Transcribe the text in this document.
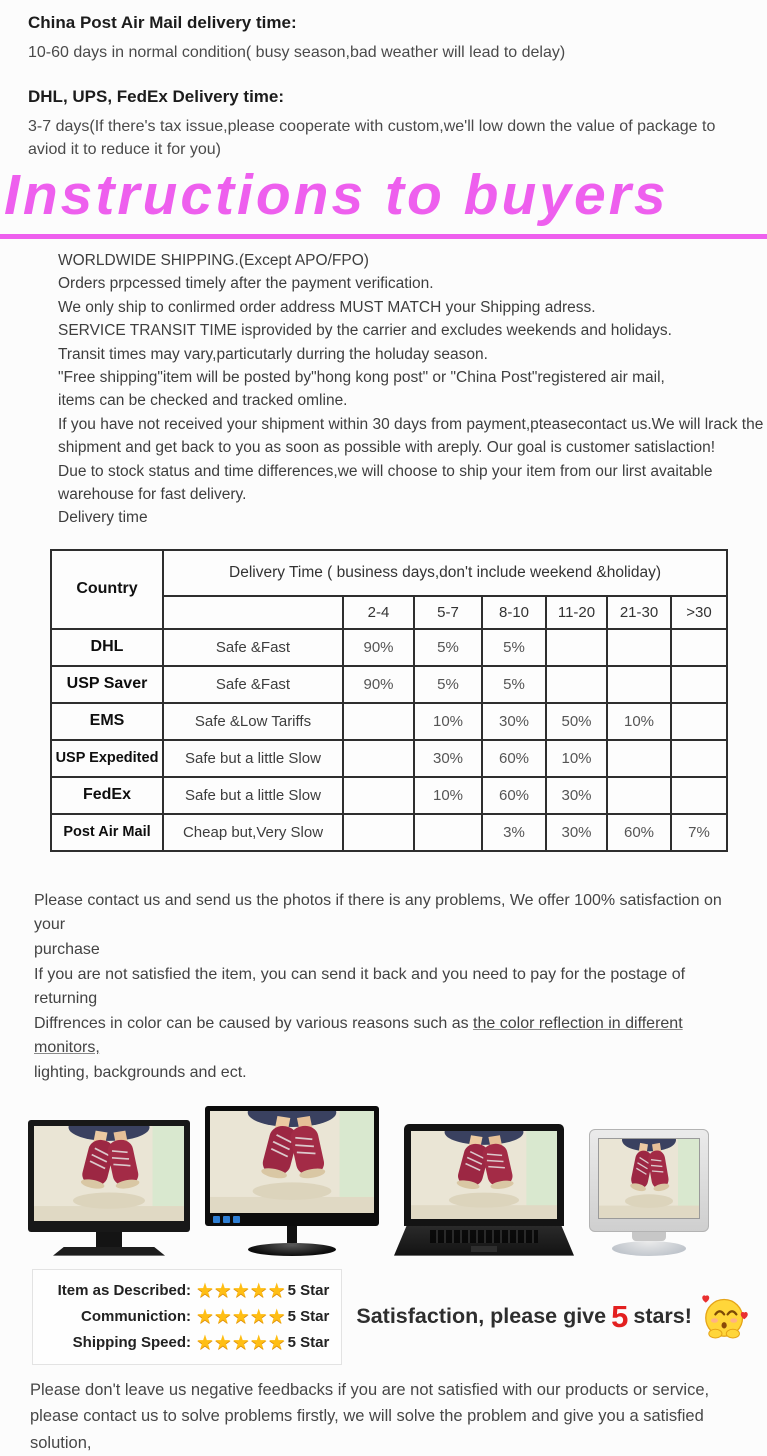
China Post Air Mail delivery time:
10-60 days in normal condition( busy season,bad weather will lead to delay)
DHL, UPS, FedEx Delivery time:
3-7 days(If there's tax issue,please cooperate with custom,we'll low down the value of package to aviod it to reduce it for you)
Instructions to buyers
WORLDWIDE SHIPPING.(Except APO/FPO)
Orders prpcessed timely after the payment verification.
We only ship to conlirmed order address MUST MATCH your Shipping adress.
SERVICE TRANSIT TIME isprovided by the carrier and excludes weekends and holidays.
Transit times may vary,particutarly durring the holuday season.
"Free shipping"item will be posted by"hong kong post" or "China Post"registered air mail,
items can be checked and tracked omline.
If you have not received your shipment within 30 days from payment,pteasecontact us.We will lrack the
shipment and get back to you as soon as possible with areply. Our goal is customer satislaction!
Due to stock status and time differences,we will choose to ship your item from our lirst avaitable
warehouse for fast delivery.
Delivery time
Country	Delivery Time ( business days,don't include weekend &holiday)						
		2-4	5-7	8-10	11-20	21-30	>30
DHL	Safe &Fast	90%	5%	5%			
USP Saver	Safe &Fast	90%	5%	5%			
EMS	Safe &Low Tariffs		10%	30%	50%	10%	
USP Expedited	Safe but a little Slow		30%	60%	10%		
FedEx	Safe but a little Slow		10%	60%	30%		
Post Air Mail	Cheap but,Very Slow			3%	30%	60%	7%
Please contact us and send us the photos if there is any problems, We offer 100% satisfaction on your
purchase
If you are not satisfied the item, you can send it back and you need to pay for the postage of returning
Diffrences in color can be caused by various reasons such as the color reflection in different monitors,
lighting, backgrounds and ect.
Item as Described: ★★★★★ 5 Star
Communiction: ★★★★★ 5 Star
Shipping Speed: ★★★★★ 5 Star
Satisfaction, please give 5 stars!
Please don't leave us negative feedbacks if you are not satisfied with our products or service,
please contact us to solve problems firstly, we will solve the problem and give you a satisfied solution,
